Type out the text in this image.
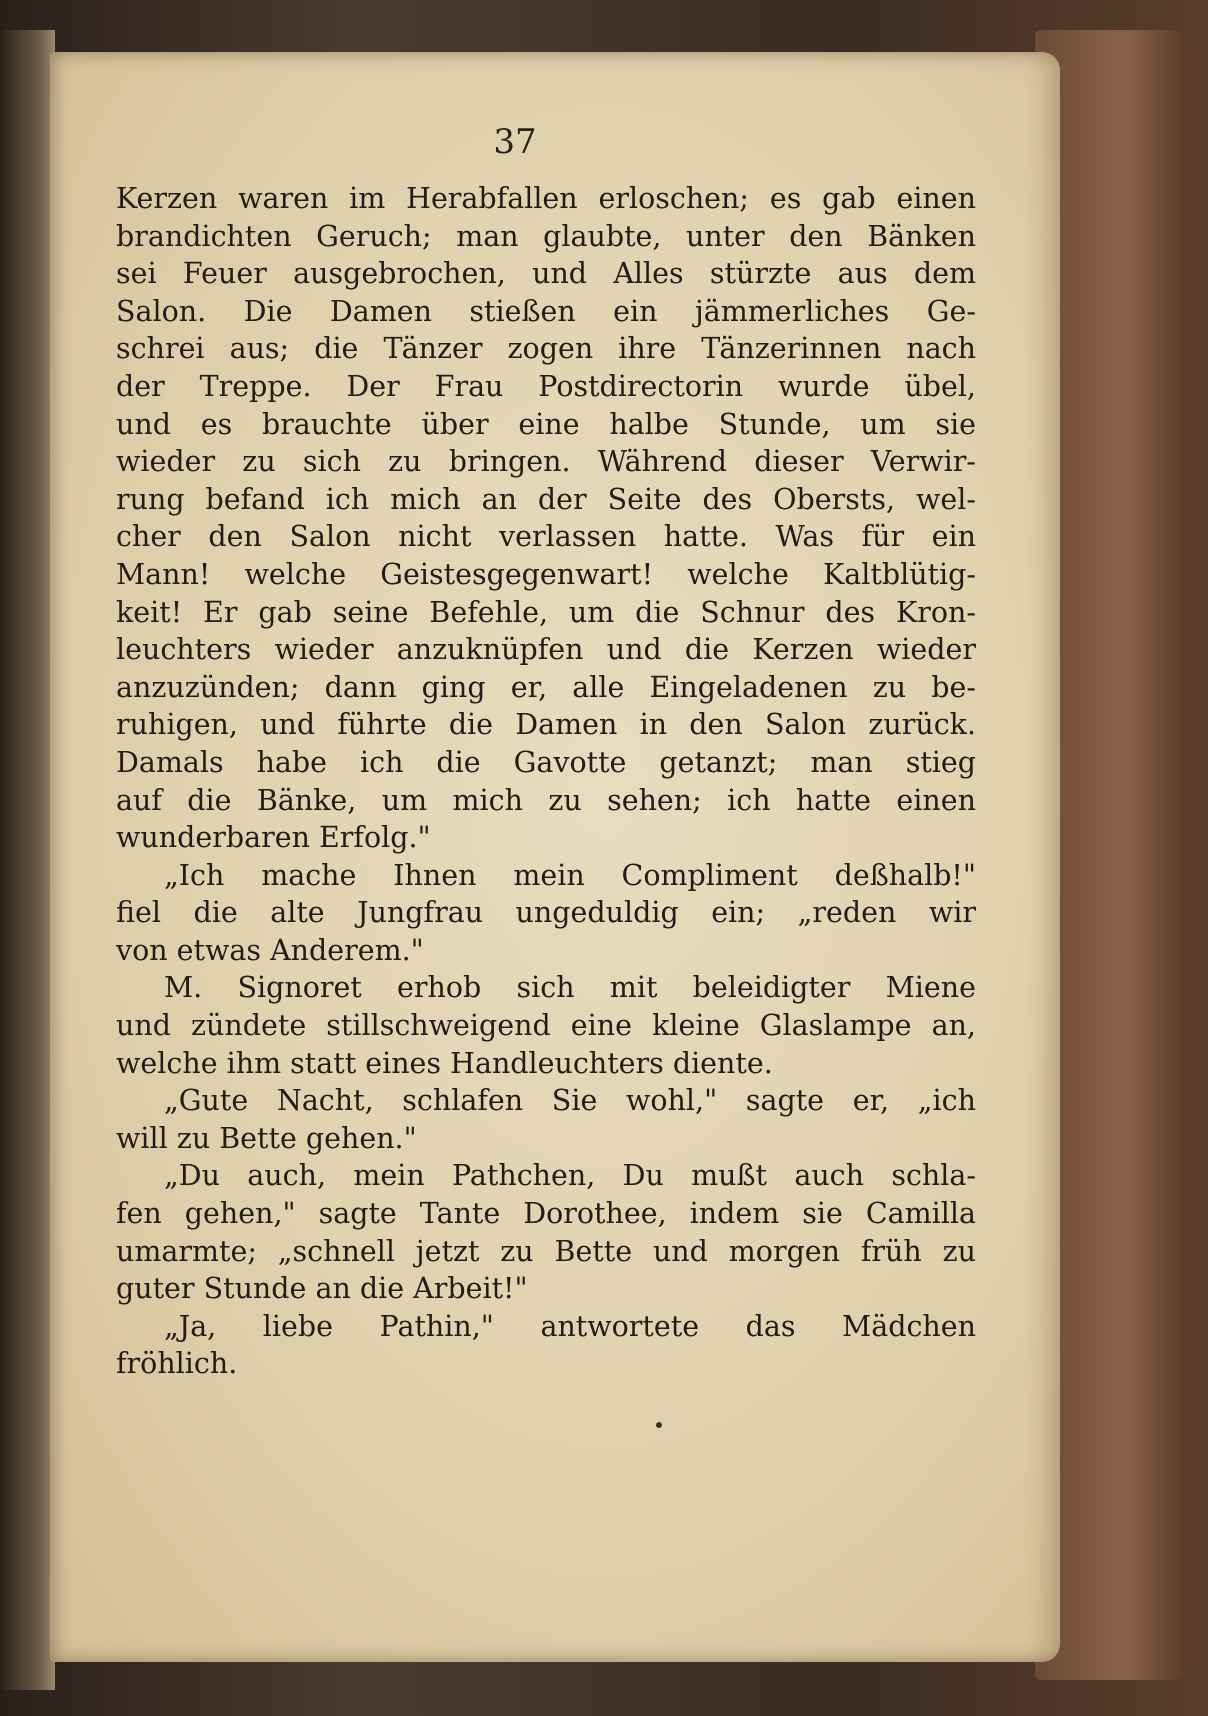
37
Kerzen waren im Herabfallen erloschen; es gab einen
brandichten Geruch; man glaubte, unter den Bänken
sei Feuer ausgebrochen, und Alles stürzte aus dem
Salon. Die Damen stießen ein jämmerliches Ge-
schrei aus; die Tänzer zogen ihre Tänzerinnen nach
der Treppe. Der Frau Postdirectorin wurde übel,
und es brauchte über eine halbe Stunde, um sie
wieder zu sich zu bringen. Während dieser Verwir-
rung befand ich mich an der Seite des Obersts, wel-
cher den Salon nicht verlassen hatte. Was für ein
Mann! welche Geistesgegenwart! welche Kaltblütig-
keit! Er gab seine Befehle, um die Schnur des Kron-
leuchters wieder anzuknüpfen und die Kerzen wieder
anzuzünden; dann ging er, alle Eingeladenen zu be-
ruhigen, und führte die Damen in den Salon zurück.
Damals habe ich die Gavotte getanzt; man stieg
auf die Bänke, um mich zu sehen; ich hatte einen
wunderbaren Erfolg."
„Ich mache Ihnen mein Compliment deßhalb!"
fiel die alte Jungfrau ungeduldig ein; „reden wir
von etwas Anderem."
M. Signoret erhob sich mit beleidigter Miene
und zündete stillschweigend eine kleine Glaslampe an,
welche ihm statt eines Handleuchters diente.
„Gute Nacht, schlafen Sie wohl," sagte er, „ich
will zu Bette gehen."
„Du auch, mein Pathchen, Du mußt auch schla-
fen gehen," sagte Tante Dorothee, indem sie Camilla
umarmte; „schnell jetzt zu Bette und morgen früh zu
guter Stunde an die Arbeit!"
„Ja, liebe Pathin," antwortete das Mädchen
fröhlich.
